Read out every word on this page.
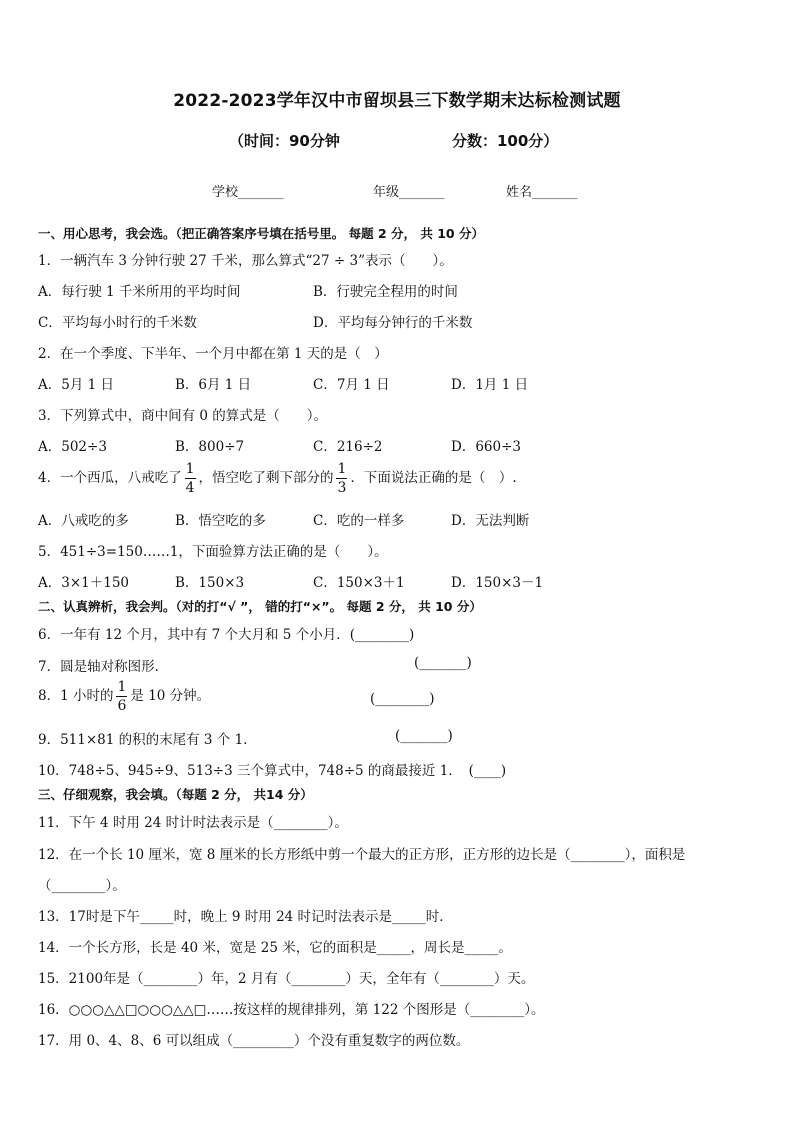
2022-2023学年汉中市留坝县三下数学期末达标检测试题
（时间：90分钟	分数：100分）
学校_______	年级_______	姓名_______
一、用心思考，我会选。（把正确答案序号填在括号里。 每题 2 分， 共 10 分）
1．一辆汽车 3 分钟行驶 27 千米，那么算式“27 ÷ 3”表示（　　）。
A．每行驶 1 千米所用的平均时间	B．行驶完全程用的时间
C．平均每小时行的千米数	D．平均每分钟行的千米数
2．在一个季度、下半年、一个月中都在第 1 天的是（　）
A．5月 1 日	B．6月 1 日	C．7月 1 日	D．1月 1 日
3．下列算式中，商中间有 0 的算式是（　　）。
A．502÷3	B．800÷7	C．216÷2	D．660÷3
4．一个西瓜，八戒吃了 $\frac{1}{4}$ ，悟空吃了剩下部分的 $\frac{1}{3}$ ．下面说法正确的是（　）.
A．八戒吃的多	B．悟空吃的多	C．吃的一样多	D．无法判断
5．451÷3=150……1，下面验算方法正确的是（　　）。
A．3×1＋150	B．150×3	C．150×3＋1	D．150×3－1
二、认真辨析，我会判。（对的打“√ ”， 错的打“×”。 每题 2 分， 共 10 分）
6．一年有 12 个月，其中有 7 个大月和 5 个小月．(________)
7．圆是轴对称图形．	(_______)
8．1 小时的 $\frac{1}{6}$ 是 10 分钟。	(________)
9．511×81 的积的末尾有 3 个 1．	(_______)
10．748÷5、945÷9、513÷3 三个算式中，748÷5 的商最接近 1．　(____)
三、仔细观察，我会填。（每题 2 分， 共14 分）
11．下午 4 时用 24 时计时法表示是（________）。
12．在一个长 10 厘米，宽 8 厘米的长方形纸中剪一个最大的正方形，正方形的边长是（________），面积是
（________）。
13．17时是下午_____时，晚上 9 时用 24 时记时法表示是_____时．
14．一个长方形，长是 40 米，宽是 25 米，它的面积是_____，周长是_____。
15．2100年是（________）年，2 月有（________）天，全年有（________）天。
16．○○○△△□○○○△△□……按这样的规律排列，第 122 个图形是（________）。
17．用 0、4、8、6 可以组成（_________）个没有重复数字的两位数。
